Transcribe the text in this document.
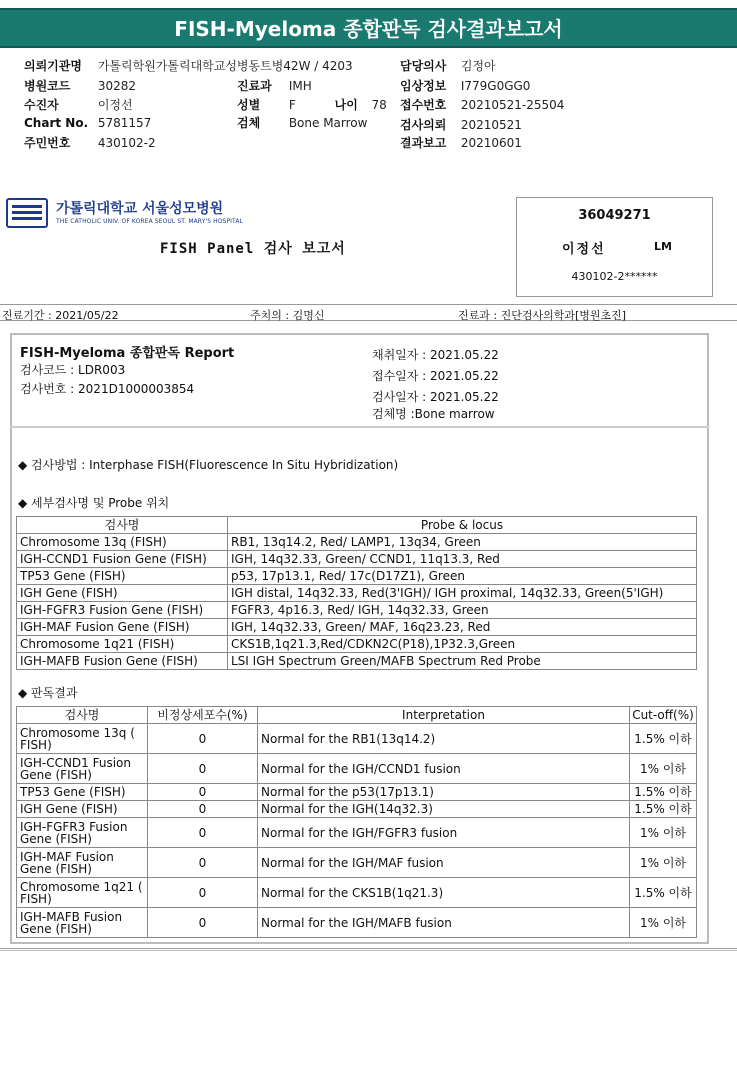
FISH-Myeloma 종합판독 검사결과보고서
의뢰기관명 가톨릭학원가톨릭대학교성병동트병42W / 4203	담당의사 김정아
병원코드 30282	진료과 IMH	임상정보 I779G0GG0
수진자	이정선	성별 F	나이 78 접수번호 20210521-25504
Chart No. 5781157	검체 Bone Marrow	검사의뢰 20210521
주민번호 430102-2	결과보고 20210601
가톨릭대학교 서울성모병원
THE CATHOLIC UNIV. OF KOREA SEOUL ST. MARY'S HOSPITAL
FISH Panel 검사 보고서
36049271
이정선	LM
430102-2******
진료기간 : 2021/05/22	주치의 : 김명신	진료과 : 진단검사의학과[병원초진]
FISH-Myeloma 종합판독 Report
검사코드 : LDR003
검사번호 : 2021D1000003854
채취일자 : 2021.05.22
접수일자 : 2021.05.22
검사일자 : 2021.05.22
검체명 :Bone marrow
◆ 검사방법 : Interphase FISH(Fluorescence In Situ Hybridization)
◆ 세부검사명 및 Probe 위치
검사명	Probe & locus
Chromosome 13q (FISH)	RB1, 13q14.2, Red/ LAMP1, 13q34, Green
IGH-CCND1 Fusion Gene (FISH)	IGH, 14q32.33, Green/ CCND1, 11q13.3, Red
TP53 Gene (FISH)	p53, 17p13.1, Red/ 17c(D17Z1), Green
IGH Gene (FISH)	IGH distal, 14q32.33, Red(3'IGH)/ IGH proximal, 14q32.33, Green(5'IGH)
IGH-FGFR3 Fusion Gene (FISH)	FGFR3, 4p16.3, Red/ IGH, 14q32.33, Green
IGH-MAF Fusion Gene (FISH)	IGH, 14q32.33, Green/ MAF, 16q23.23, Red
Chromosome 1q21 (FISH)	CKS1B,1q21.3,Red/CDKN2C(P18),1P32.3,Green
IGH-MAFB Fusion Gene (FISH)	LSI IGH Spectrum Green/MAFB Spectrum Red Probe
◆ 판독결과
검사명	비정상세포수(%)	Interpretation	Cut-off(%)
Chromosome 13q ( FISH)	0	Normal for the RB1(13q14.2)	1.5% 이하
IGH-CCND1 Fusion Gene (FISH)	0	Normal for the IGH/CCND1 fusion	1% 이하
TP53 Gene (FISH)	0	Normal for the p53(17p13.1)	1.5% 이하
IGH Gene (FISH)	0	Normal for the IGH(14q32.3)	1.5% 이하
IGH-FGFR3 Fusion Gene (FISH)	0	Normal for the IGH/FGFR3 fusion	1% 이하
IGH-MAF Fusion Gene (FISH)	0	Normal for the IGH/MAF fusion	1% 이하
Chromosome 1q21 ( FISH)	0	Normal for the CKS1B(1q21.3)	1.5% 이하
IGH-MAFB Fusion Gene (FISH)	0	Normal for the IGH/MAFB fusion	1% 이하
